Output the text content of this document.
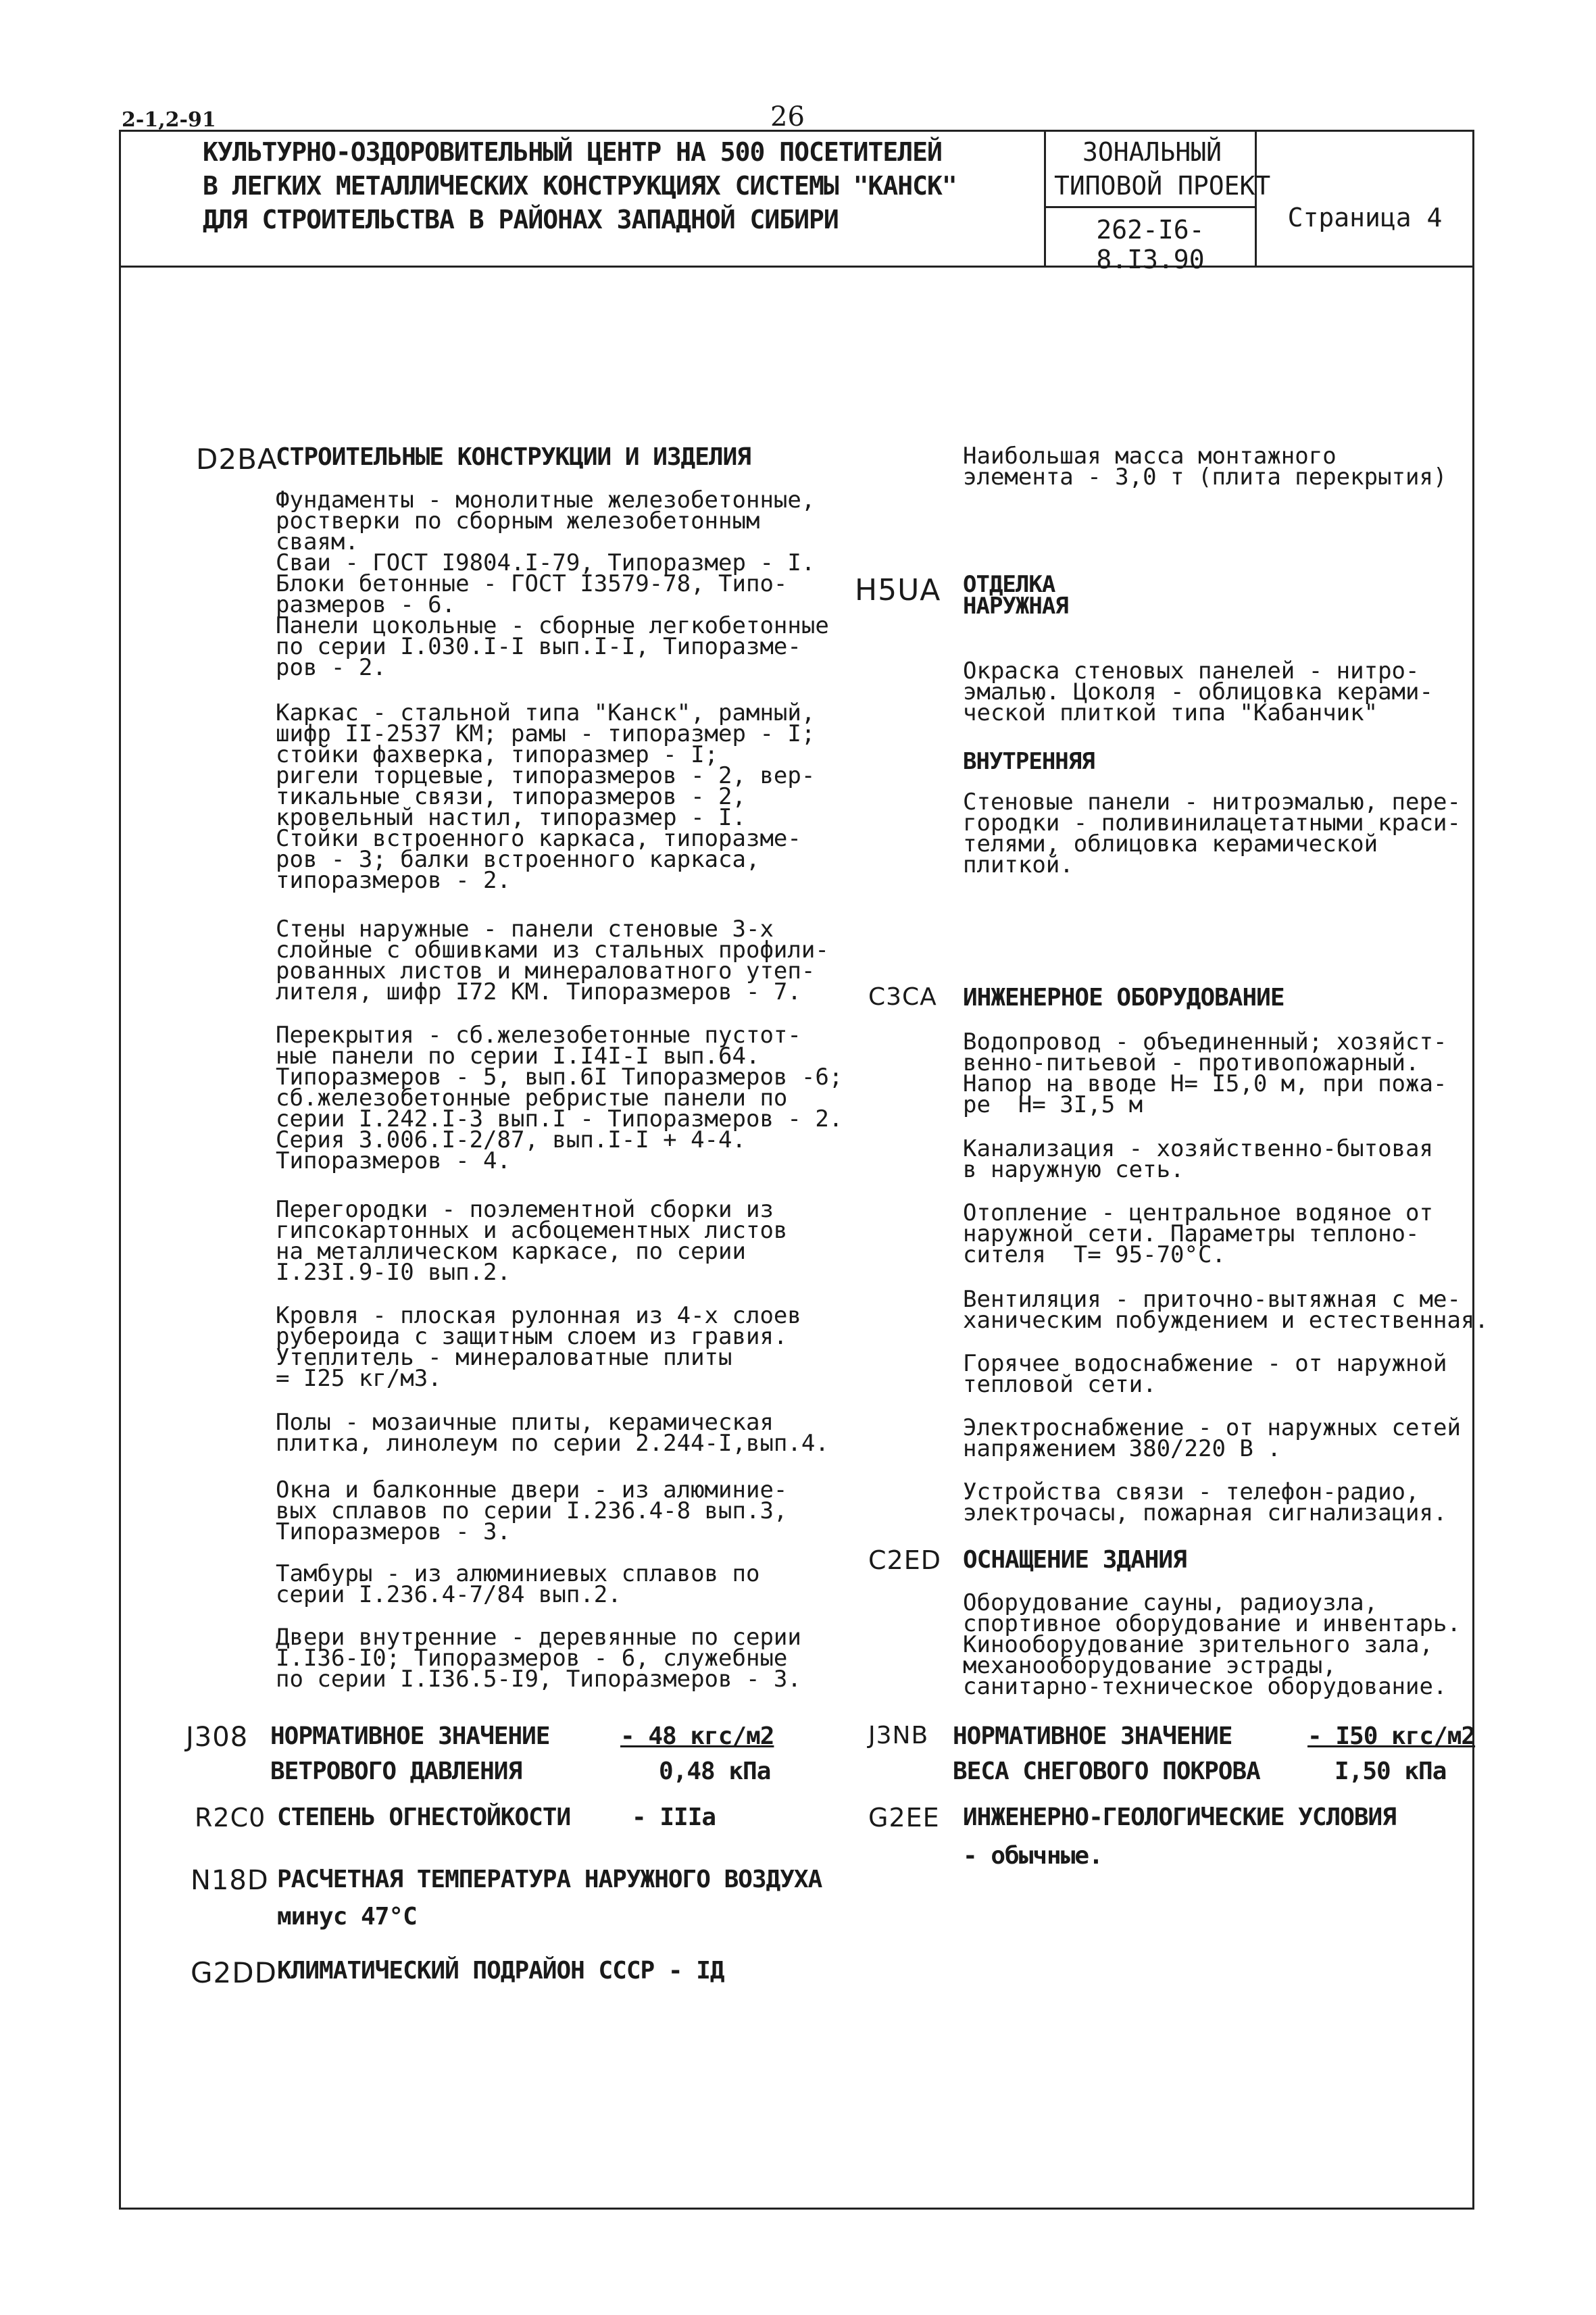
2-1,2-91	26
КУЛЬТУРНО-ОЗДОРОВИТЕЛЬНЫЙ ЦЕНТР НА 500 ПОСЕТИТЕЛЕЙ
В ЛЕГКИХ МЕТАЛЛИЧЕСКИХ КОНСТРУКЦИЯХ СИСТЕМЫ "КАНСК"
ДЛЯ СТРОИТЕЛЬСТВА В РАЙОНАХ ЗАПАДНОЙ СИБИРИ
ЗОНАЛЬНЫЙ
ТИПОВОЙ ПРОЕКТ
262-I6-8.I3.90
Страница 4
D2BA
СТРОИТЕЛЬНЫЕ КОНСТРУКЦИИ И ИЗДЕЛИЯ
Фундаменты - монолитные железобетонные,
ростверки по сборным железобетонным
сваям.
Сваи - ГОСТ I9804.I-79, Типоразмер - I.
Блоки бетонные - ГОСТ I3579-78, Типо-
размеров - 6.
Панели цокольные - сборные легкобетонные
по серии I.030.I-I вып.I-I, Типоразме-
ров - 2.
Каркас - стальной типа "Канск", рамный,
шифр II-2537 КМ; рамы - типоразмер - I;
стойки фахверка, типоразмер - I;
ригели торцевые, типоразмеров - 2, вер-
тикальные связи, типоразмеров - 2,
кровельный настил, типоразмер - I.
Стойки встроенного каркаса, типоразме-
ров - 3; балки встроенного каркаса,
типоразмеров - 2.
Стены наружные - панели стеновые 3-х
слойные с обшивками из стальных профили-
рованных листов и минераловатного утеп-
лителя, шифр I72 КМ. Типоразмеров - 7.
Перекрытия - сб.железобетонные пустот-
ные панели по серии I.I4I-I вып.64.
Типоразмеров - 5, вып.6I Типоразмеров -6;
сб.железобетонные ребристые панели по
серии I.242.I-3 вып.I - Типоразмеров - 2.
Серия 3.006.I-2/87, вып.I-I + 4-4.
Типоразмеров - 4.
Перегородки - поэлементной сборки из
гипсокартонных и асбоцементных листов
на металлическом каркасе, по серии
I.23I.9-I0 вып.2.
Кровля - плоская рулонная из 4-х слоев
рубероида с защитным слоем из гравия.
Утеплитель - минераловатные плиты
= I25 кг/м3.
Полы - мозаичные плиты, керамическая
плитка, линолеум по серии 2.244-I,вып.4.
Окна и балконные двери - из алюминие-
вых сплавов по серии I.236.4-8 вып.3,
Типоразмеров - 3.
Тамбуры - из алюминиевых сплавов по
серии I.236.4-7/84 вып.2.
Двери внутренние - деревянные по серии
I.I36-I0; Типоразмеров - 6, служебные
по серии I.I36.5-I9, Типоразмеров - 3.
J308 НОРМАТИВНОЕ ЗНАЧЕНИЕ
ВЕТРОВОГО ДАВЛЕНИЯ
- 48 кгс/м2
0,48 кПа
R2C0 СТЕПЕНЬ ОГНЕСТОЙКОСТИ	- IIIа
N18D РАСЧЕТНАЯ ТЕМПЕРАТУРА НАРУЖНОГО ВОЗДУХА
минус 47°С
G2DD КЛИМАТИЧЕСКИЙ ПОДРАЙОН СССР - IД
Наибольшая масса монтажного
элемента - 3,0 т (плита перекрытия)
H5UA ОТДЕЛКА
НАРУЖНАЯ
Окраска стеновых панелей - нитро-
эмалью. Цоколя - облицовка керами-
ческой плиткой типа "Кабанчик"
ВНУТРЕННЯЯ
Стеновые панели - нитроэмалью, пере-
городки - поливинилацетатными краси-
телями, облицовка керамической
плиткой.
C3CA ИНЖЕНЕРНОЕ ОБОРУДОВАНИЕ
Водопровод - объединенный; хозяйст-
венно-питьевой - противопожарный.
Напор на вводе Н= I5,0 м, при пожа-
ре  Н= 3I,5 м
Канализация - хозяйственно-бытовая
в наружную сеть.
Отопление - центральное водяное от
наружной сети. Параметры теплоно-
сителя  Т= 95-70°С.
Вентиляция - приточно-вытяжная с ме-
ханическим побуждением и естественная.
Горячее водоснабжение - от наружной
тепловой сети.
Электроснабжение - от наружных сетей
напряжением 380/220 В .
Устройства связи - телефон-радио,
электрочасы, пожарная сигнализация.
C2ED ОСНАЩЕНИЕ ЗДАНИЯ
Оборудование сауны, радиоузла,
спортивное оборудование и инвентарь.
Кинооборудование зрительного зала,
механооборудование эстрады,
санитарно-техническое оборудование.
J3NB НОРМАТИВНОЕ ЗНАЧЕНИЕ
ВЕСА СНЕГОВОГО ПОКРОВА
- I50 кгс/м2
I,50 кПа
G2EE ИНЖЕНЕРНО-ГЕОЛОГИЧЕСКИЕ УСЛОВИЯ
- обычные.
